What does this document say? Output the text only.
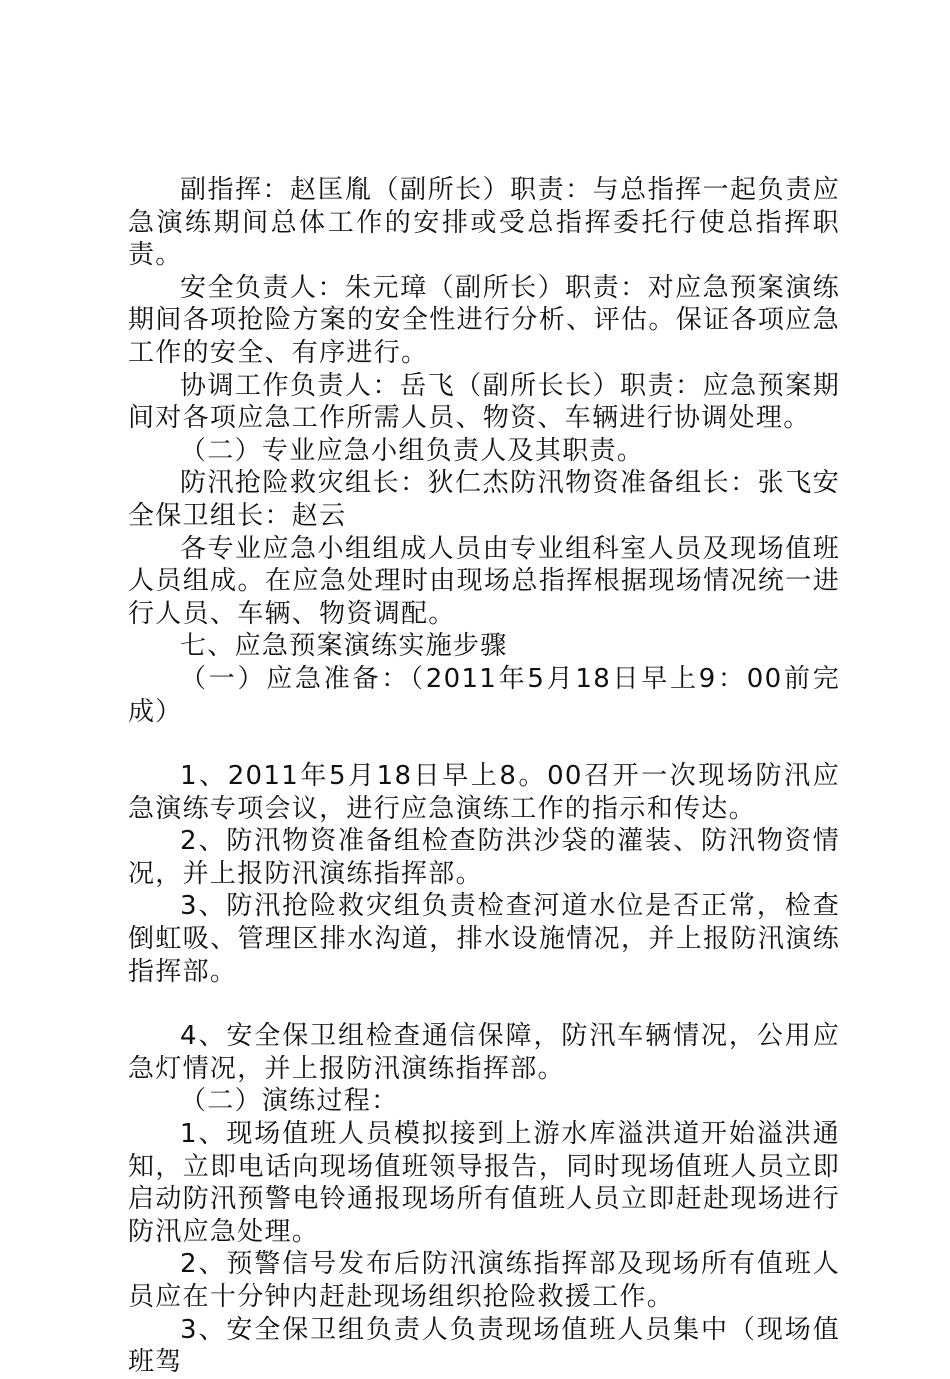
副指挥：赵匡胤（副所长）职责：与总指挥一起负责应急演练期间总体工作的安排或受总指挥委托行使总指挥职责。

安全负责人：朱元璋（副所长）职责：对应急预案演练期间各项抢险方案的安全性进行分析、评估。保证各项应急工作的安全、有序进行。

协调工作负责人：岳飞（副所长长）职责：应急预案期间对各项应急工作所需人员、物资、车辆进行协调处理。

（二）专业应急小组负责人及其职责。

防汛抢险救灾组长：狄仁杰防汛物资准备组长：张飞安全保卫组长：赵云

各专业应急小组组成人员由专业组科室人员及现场值班人员组成。在应急处理时由现场总指挥根据现场情况统一进行人员、车辆、物资调配。

七、应急预案演练实施步骤

（一）应急准备：（2011年5月18日早上9：00前完成）

1、2011年5月18日早上8。00召开一次现场防汛应急演练专项会议，进行应急演练工作的指示和传达。

2、防汛物资准备组检查防洪沙袋的灌装、防汛物资情况，并上报防汛演练指挥部。

3、防汛抢险救灾组负责检查河道水位是否正常，检查倒虹吸、管理区排水沟道，排水设施情况，并上报防汛演练指挥部。

4、安全保卫组检查通信保障，防汛车辆情况，公用应急灯情况，并上报防汛演练指挥部。

（二）演练过程：

1、现场值班人员模拟接到上游水库溢洪道开始溢洪通知，立即电话向现场值班领导报告，同时现场值班人员立即启动防汛预警电铃通报现场所有值班人员立即赶赴现场进行防汛应急处理。

2、预警信号发布后防汛演练指挥部及现场所有值班人员应在十分钟内赶赴现场组织抢险救援工作。

3、安全保卫组负责人负责现场值班人员集中（现场值班驾
